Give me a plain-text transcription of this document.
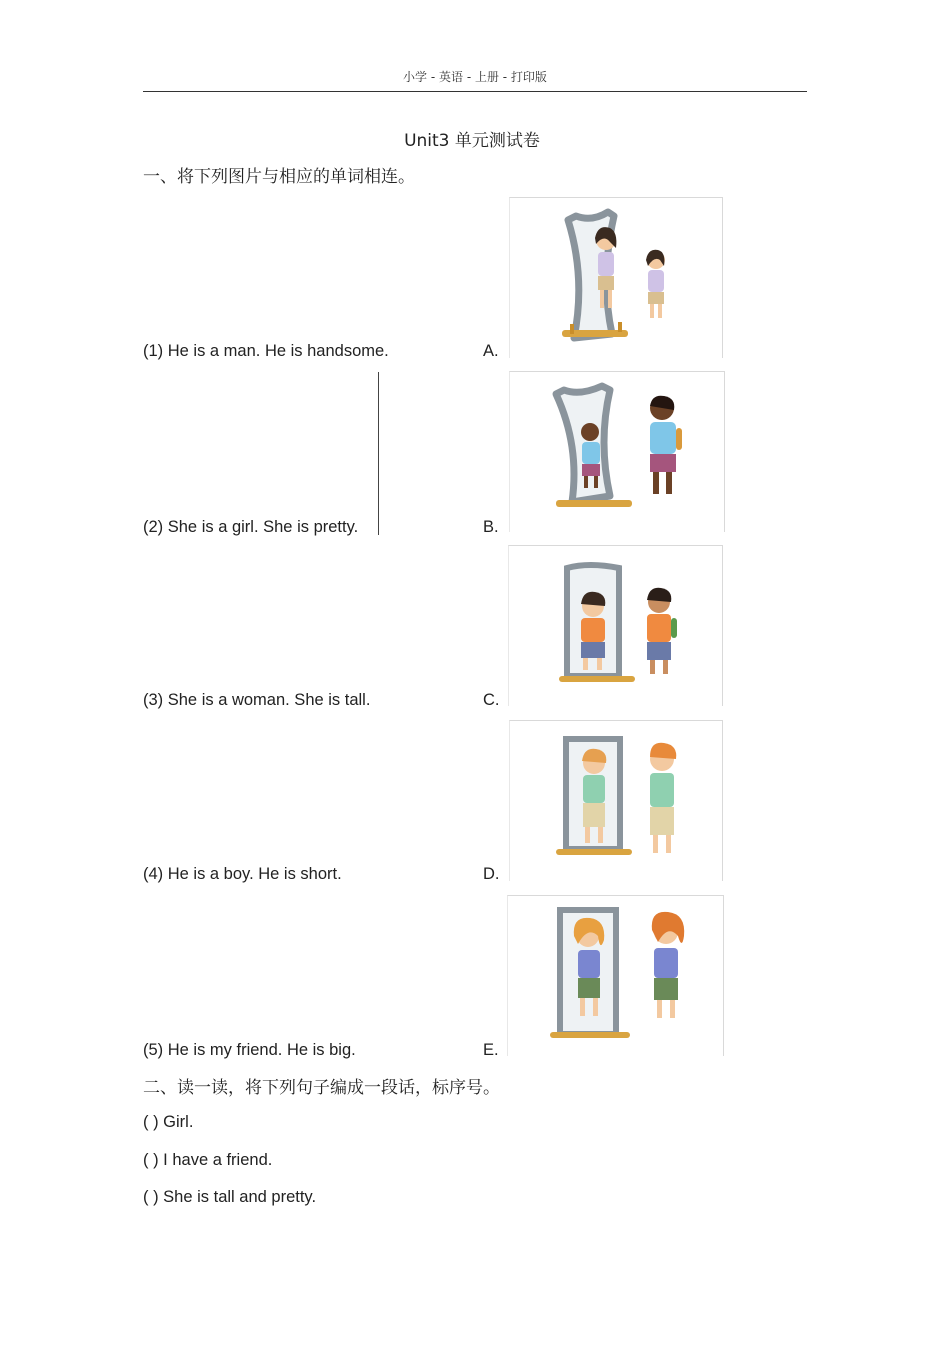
小学 - 英语 - 上册 - 打印版
Unit3 单元测试卷
一、将下列图片与相应的单词相连。
(1) He is a man. He is handsome.
(2) She is a girl. She is pretty.
(3) She is a woman. She is tall.
(4) He is a boy. He is short.
(5) He is my friend. He is big.
A.
B.
C.
D.
E.
二、读一读，将下列句子编成一段话，标序号。
( ) Girl.
( ) I have a friend.
( ) She is tall and pretty.
